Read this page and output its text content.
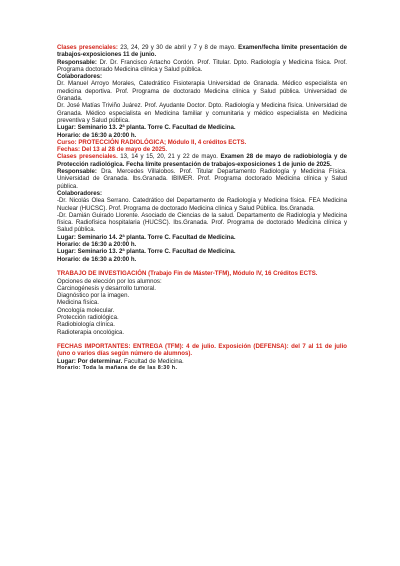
Clases presenciales: 23, 24, 29 y 30 de abril y 7 y 8 de mayo. Examen/fecha límite presentación de trabajos-exposiciones 11 de junio.

Responsable: Dr. Dr. Francisco Artacho Cordón. Prof. Titular. Dpto. Radiología y Medicina física. Prof. Programa doctorado Medicina clínica y Salud pública.

Colaboradores:

Dr. Manuel Arroyo Morales, Catedrático Fisioterapia Universidad de Granada. Médico especialista en medicina deportiva. Prof. Programa de doctorado Medicina clínica y Salud pública. Universidad de Granada.

Dr. José Matías Triviño Juárez. Prof. Ayudante Doctor. Dpto. Radiología y Medicina física. Universidad de Granada. Médico especialista en Medicina familiar y comunitaria y médico especialista en Medicina preventiva y Salud pública.

Lugar: Seminario 13. 2ª planta. Torre C. Facultad de Medicina.

Horario: de 16:30 a 20:00 h.

Curso: PROTECCIÓN RADIOLÓGICA; Módulo II, 4 créditos ECTS.

Fechas: Del 13 al 28 de mayo de 2025.

Clases presenciales. 13, 14 y 15, 20, 21 y 22 de mayo. Examen 28 de mayo de radiobiología y de Protección radiológica. Fecha límite presentación de trabajos-exposiciones 1 de junio de 2025.

Responsable: Dra. Mercedes Villalobos. Prof. Titular Departamento Radiología y Medicina Física. Universidad de Granada. Ibs.Granada. IBIMER. Prof. Programa doctorado Medicina clínica y Salud pública.

Colaboradores:

-Dr. Nicolás Olea Serrano. Catedrático del Departamento de Radiología y Medicina física. FEA Medicina Nuclear (HUCSC). Prof. Programa de doctorado Medicina clínica y Salud Pública. Ibs.Granada.

-Dr. Damián Guirado Llorente. Asociado de Ciencias de la salud. Departamento de Radiología y Medicina física. Radiofísica hospitalaria (HUCSC). Ibs.Granada. Prof. Programa de doctorado Medicina clínica y Salud pública.

Lugar: Seminario 14. 2ª planta. Torre C. Facultad de Medicina.

Horario: de 16:30 a 20:00 h.

Lugar: Seminario 13. 2ª planta. Torre C. Facultad de Medicina.

Horario: de 16:30 a 20:00 h.

TRABAJO DE INVESTIGACIÓN (Trabajo Fin de Máster-TFM), Módulo IV, 16 Créditos ECTS.

Opciones de elección por los alumnos:

Carcinogénesis y desarrollo tumoral.

Diagnóstico por la imagen.

Medicina física.

Oncología molecular.

Protección radiológica.

Radiobiología clínica.

Radioterapia oncológica.

FECHAS IMPORTANTES: ENTREGA (TFM): 4 de julio. Exposición (DEFENSA): del 7 al 11 de julio (uno o varios días según número de alumnos).

Lugar: Por determinar. Facultad de Medicina.

Horario: Toda la mañana de de las 8:30 h.
